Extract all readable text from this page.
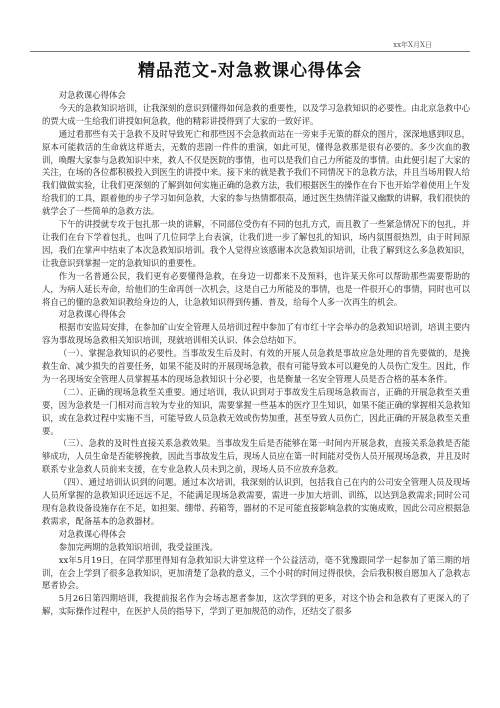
xx年X月X日
精品范文-对急救课心得体会

对急救课心得体会

今天的急救知识培训，让我深刻的意识到懂得如何急救的重要性，以及学习急救知识的必要性。由北京急救中心的贾大成一生给我们讲授如何急救，他的精彩讲授得到了大家的一致好评。

通过看那些有关于急救不及时导致死亡和那些因不会急救而站在一旁束手无策的群众的图片，深深地感到叹息，原本可能救活的生命就这样逝去，无数的悲剧一件件的重演，如此可见，懂得急救那是很有必要的。多少次血的教训，唤醒大家参与急救知识中来，救人不仅是医院的事情，也可以是我们自己力所能及的事情。由此便引起了大家的关注，在场的各位都积极投入到医生的讲授中来。接下来的就是教予我们不同情况下的急救方法，并且当场用假人给我们做做实验，让我们更深刻的了解到如何实施正确的急救方法，我们根据医生的操作在台下也开始学着使用上午发给我们的工具，跟着他的步子学习如何急救，大家的参与热情都很高，通过医生热情洋溢又幽默的讲解，我们很快的就学会了一些简单的急救方法。

下午的讲授就专攻于包扎那一块的讲解，不同部位受伤有不同的包扎方式，而且教了一些紧急情况下的包扎，并让我们在台下学着包扎，也叫了几位同学上台表演，让我们进一步了解包扎的知识，场内氛围很热烈，由于时间原因，我们在掌声中结束了本次急救知识培训。我个人觉得应该感谢本次急救知识培训，让我了解到这么多急救知识，让我意识到掌握一定的急救知识的重要性。

作为一名普通公民，我们更有必要懂得急救，在身边一切都来不及预料，也许某天你可以帮助那些需要帮助的人，为病人延长寿命，给他们的生命再创一次机会，这是自己力所能及的事情，也是一件很开心的事情，同时也可以将自己的懂的急救知识教给身边的人，让急救知识得到传播、普及，给每个人多一次再生的机会。

对急救课心得体会

根据市安监局安排，在参加矿山安全管理人员培训过程中参加了有市红十字会举办的急救知识培训，培训主要内容为事故现场急救相关知识培训，现就培训相关认识、体会总结如下。

（一）、掌握急救知识的必要性。当事故发生后及时、有效的开展人员急救是事故应急处理的首先要做的，是挽救生命、减少损失的首要任务，如果不能及时的开展现场急救，很有可能导致本可以避免的人员伤亡发生。因此，作为一名现场安全管理人员掌握基本的现场急救知识十分必要，也是衡量一名安全管理人员是否合格的基本条件。

（二）、正确的现场急救至关重要。通过培训，我认识到对于事故发生后现场急救而言，正确的开展急救至关重要，因为急救是一门相对而言较为专业的知识，需要掌握一些基本的医疗卫生知识，如果不能正确的掌握相关急救知识，或在急救过程中实施不当，可能导致人员急救无效或伤势加重，甚至导致人员伤亡，因此正确的开展急救至关重要。

（三）、急救的及时性直接关系急救效果。当事故发生后是否能够在第一时间内开展急救，直接关系急救是否能够成功，人员生命是否能够挽救，因此当事故发生后，现场人员应在第一时间能对受伤人员开展现场急救，并且及时联系专业急救人员前来支援，在专业急救人员未到之前，现场人员不应放弃急救。

（四）、通过培训认识到的问题。通过本次培训，我深刻的认识到，包括我自己在内的公司安全管理人员及现场人员所掌握的急救知识还远远不足，不能满足现场急救需要，需进一步加大培训、训练，以达到急救需求;同时公司现有急救设备设施存在不足，如担架、绷带、药箱等，器材的不足可能直接影响急救的实施成败，因此公司应根据急救需求，配备基本的急救器材。

对急救课心得体会

参加完两期的急救知识培训，我受益匪浅。

xx年5月19日，在同学那里得知有急救知识大讲堂这样一个公益活动，毫不犹豫跟同学一起参加了第三期的培训，在会上学到了很多急救知识，更加清楚了急救的意义，三个小时的时间过得很快，会后我积极自愿加入了急救志愿者协会。

5月26日第四期培训，我提前报名作为会场志愿者参加，这次学到的更多，对这个协会和急救有了更深入的了解，实际操作过程中，在医护人员的指导下，学到了更加规范的动作，还结交了很多
